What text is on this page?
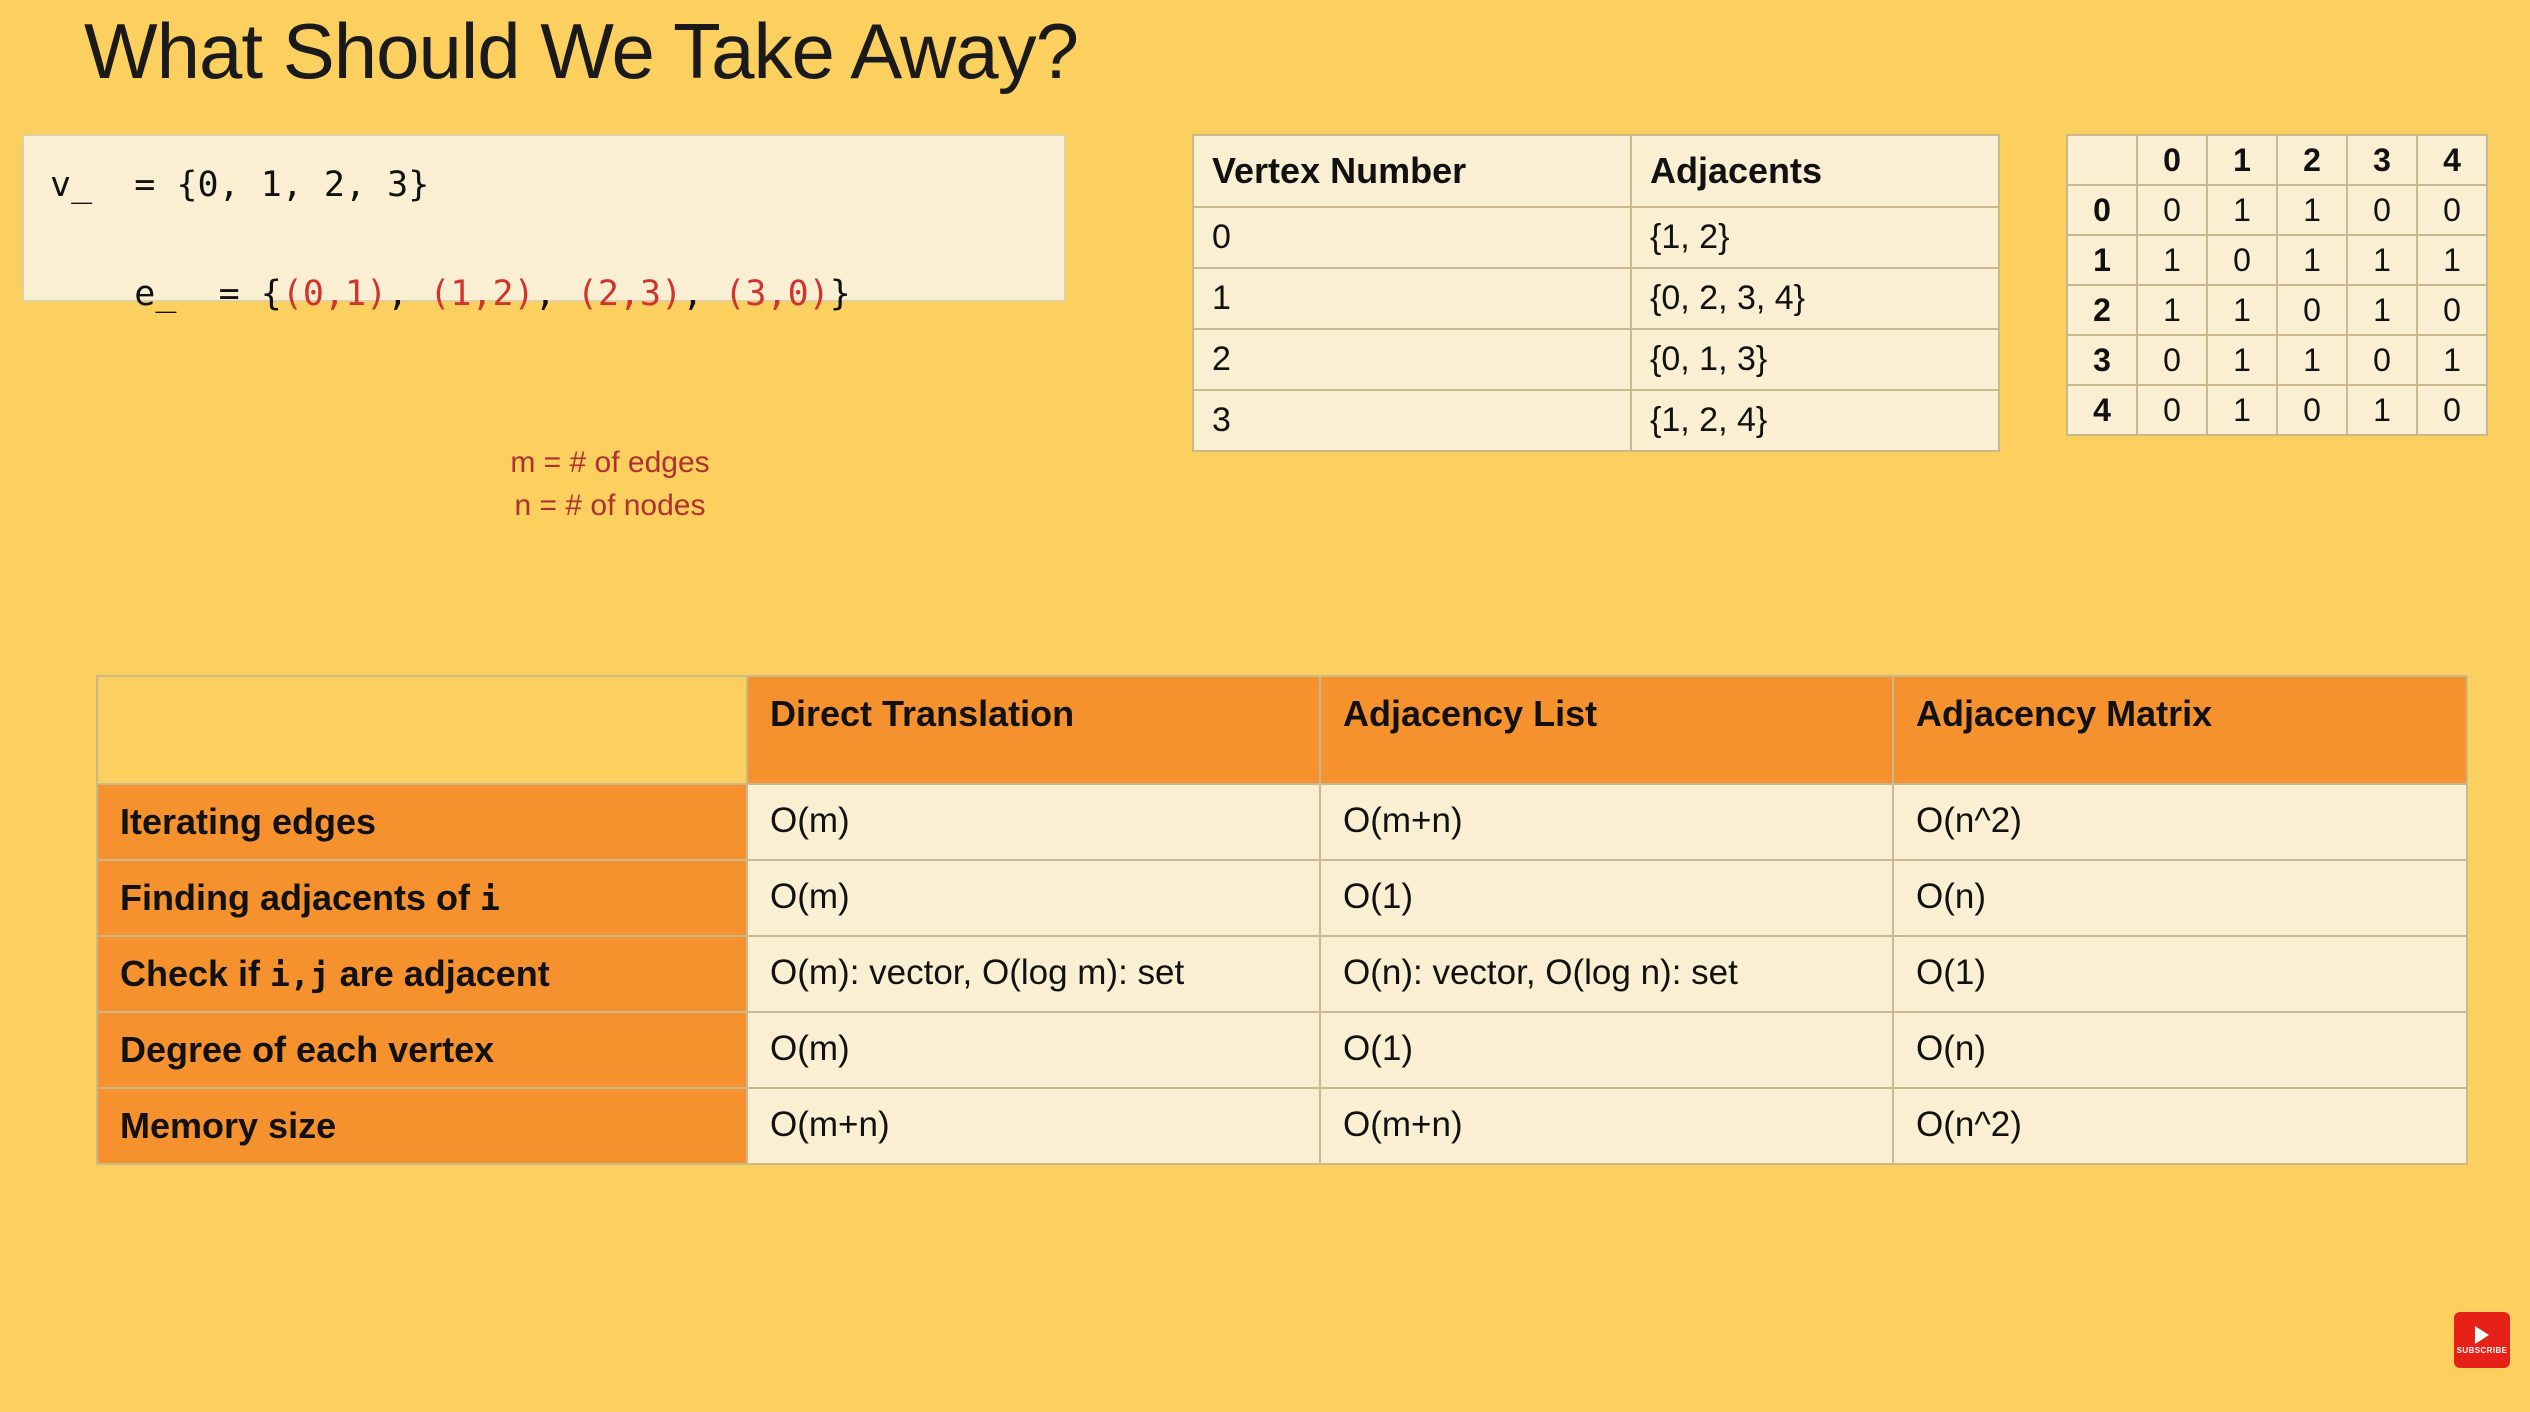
What Should We Take Away?
v_  = {0, 1, 2, 3}

e_  = {(0,1), (1,2), (2,3), (3,0)}

m = # of edges
n = # of nodes
Vertex Number	Adjacents
0	{1, 2}
1	{0, 2, 3, 4}
2	{0, 1, 3}
3	{1, 2, 4}
	0	1	2	3	4
0	0	1	1	0	0
1	1	0	1	1	1
2	1	1	0	1	0
3	0	1	1	0	1
4	0	1	0	1	0
	Direct Translation	Adjacency List	Adjacency Matrix
Iterating edges	O(m)	O(m+n)	O(n^2)
Finding adjacents of i	O(m)	O(1)	O(n)
Check if i,j are adjacent	O(m): vector, O(log m): set	O(n): vector, O(log n): set	O(1)
Degree of each vertex	O(m)	O(1)	O(n)
Memory size	O(m+n)	O(m+n)	O(n^2)
SUBSCRIBE
